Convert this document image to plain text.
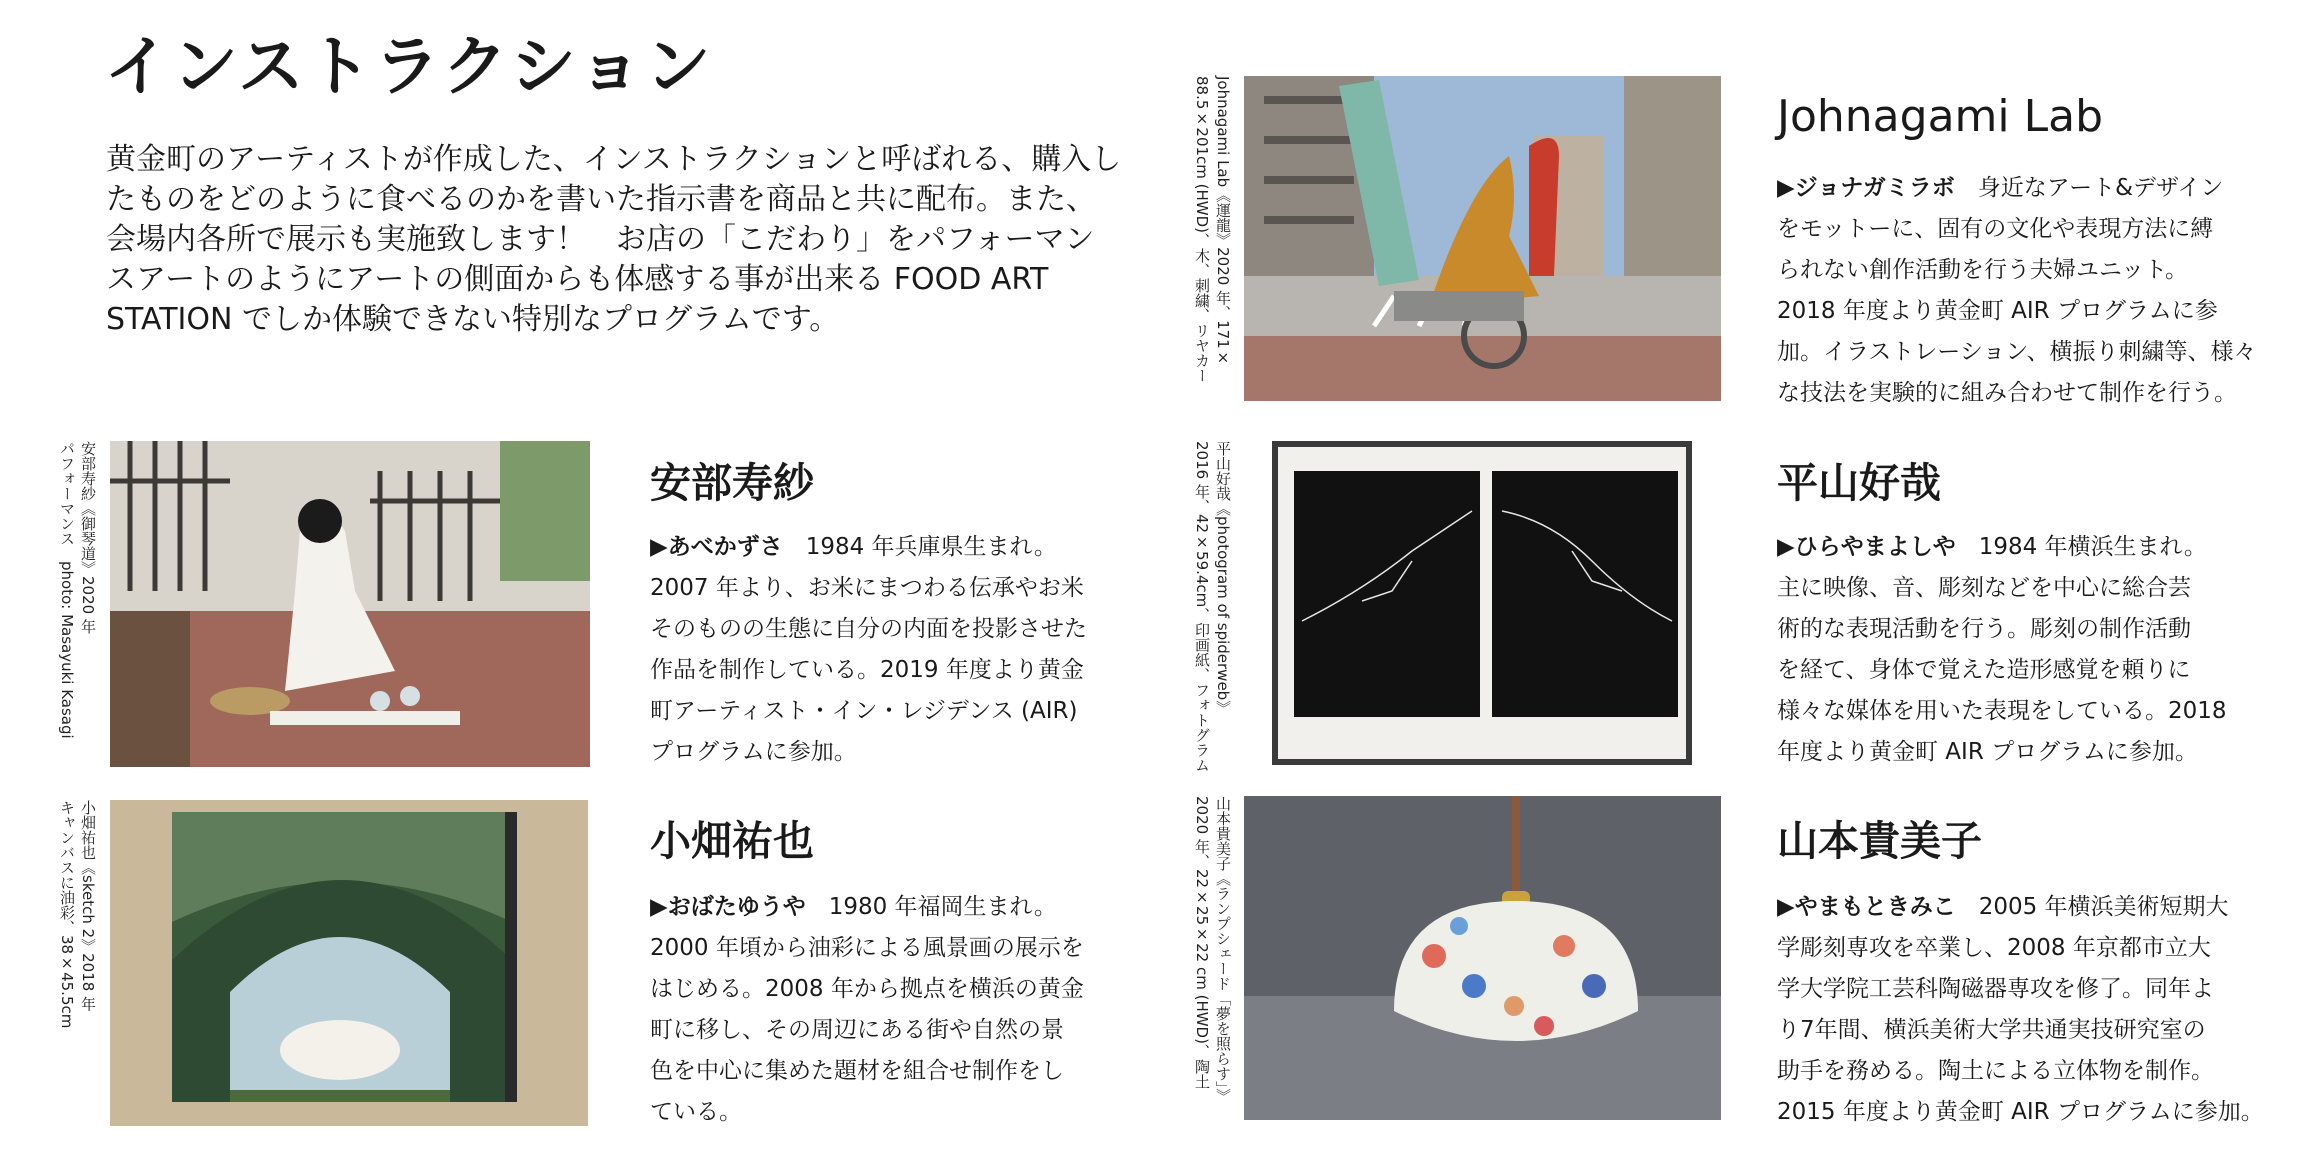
インストラクション

黄金町のアーティストが作成した、インストラクションと呼ばれる、購入し

たものをどのように食べるのかを書いた指示書を商品と共に配布。また、

会場内各所で展示も実施致します！　お店の「こだわり」をパフォーマン

スアートのようにアートの側面からも体感する事が出来る FOOD ART

STATION でしか体験できない特別なプログラムです。

安部寿紗《御琴道》2020 年
パフォーマンス　photo: Masayuki Kasagi	安部寿紗
▶あべかずさ　1984 年兵庫県生まれ。
2007 年より、お米にまつわる伝承やお米
そのものの生態に自分の内面を投影させた
作品を制作している。2019 年度より黄金
町アーティスト・イン・レジデンス (AIR)
プログラムに参加。
小畑祐也《sketch 2》2018 年
キャンバスに油彩、38×45.5cm	小畑祐也
▶おばたゆうや　1980 年福岡生まれ。
2000 年頃から油彩による風景画の展示を
はじめる。2008 年から拠点を横浜の黄金
町に移し、その周辺にある街や自然の景
色を中心に集めた題材を組合せ制作をし
ている。
Johnagami Lab《運龍》2020 年、171×
88.5×201cm (HWD)、木、刺繍、リヤカー	Johnagami Lab
▶ジョナガミラボ　身近なアート&デザイン
をモットーに、固有の文化や表現方法に縛
られない創作活動を行う夫婦ユニット。
2018 年度より黄金町 AIR プログラムに参
加。イラストレーション、横振り刺繍等、様々
な技法を実験的に組み合わせて制作を行う。
平山好哉《photogram of spiderweb》
2016 年、42×59.4cm、印画紙、フォトグラム	平山好哉
▶ひらやまよしや　1984 年横浜生まれ。
主に映像、音、彫刻などを中心に総合芸
術的な表現活動を行う。彫刻の制作活動
を経て、身体で覚えた造形感覚を頼りに
様々な媒体を用いた表現をしている。2018
年度より黄金町 AIR プログラムに参加。
山本貴美子《ランプシェード「夢を照らす」》
2020 年、22×25×22 cm (HWD)、陶土	山本貴美子
▶やまもときみこ　2005 年横浜美術短期大
学彫刻専攻を卒業し、2008 年京都市立大
学大学院工芸科陶磁器専攻を修了。同年よ
り7年間、横浜美術大学共通実技研究室の
助手を務める。陶土による立体物を制作。
2015 年度より黄金町 AIR プログラムに参加。
